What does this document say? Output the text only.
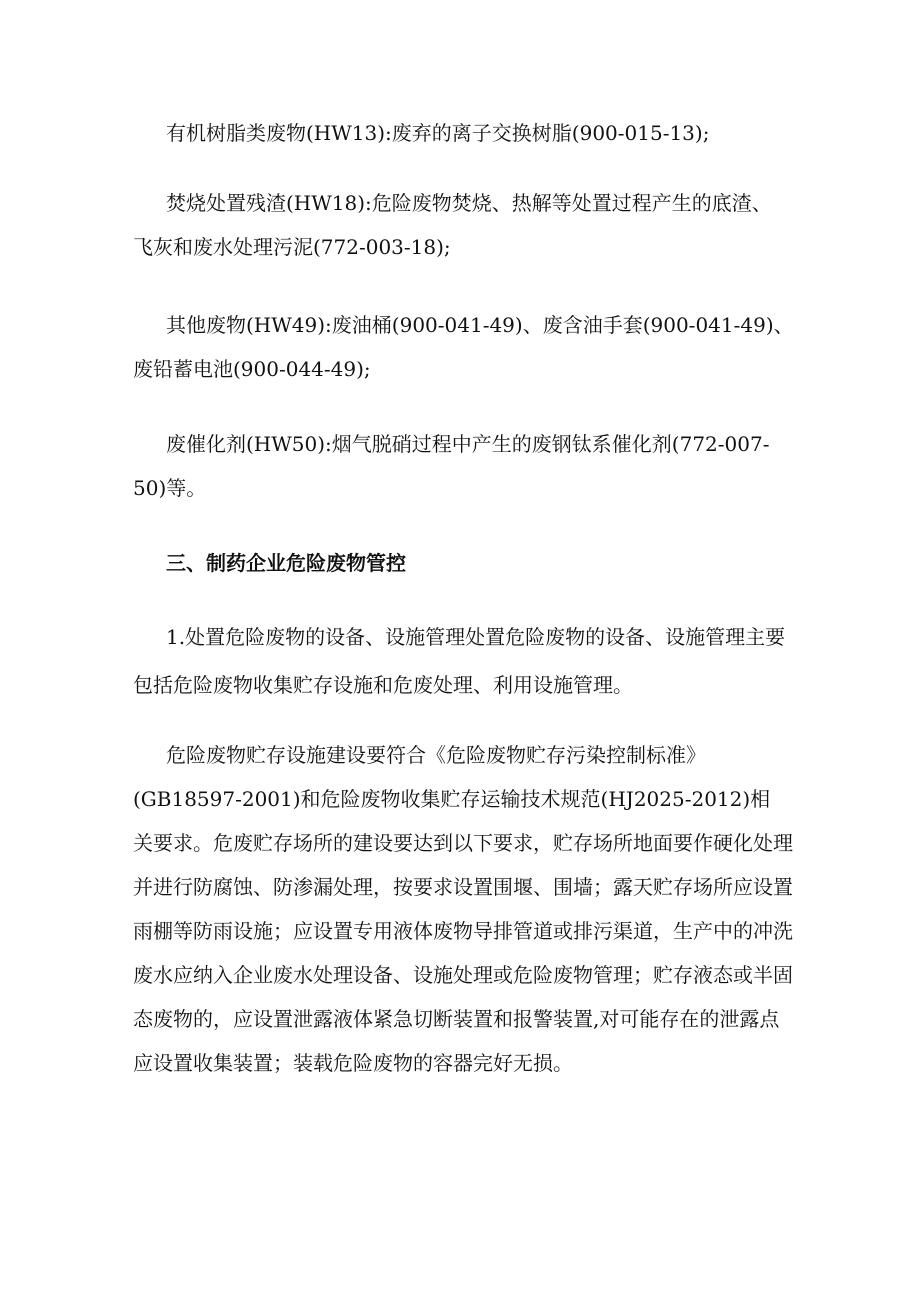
有机树脂类废物(HW13):废弃的离子交换树脂(900-015-13);

焚烧处置残渣(HW18):危险废物焚烧、热解等处置过程产生的底渣、
飞灰和废水处理污泥(772-003-18);

其他废物(HW49):废油桶(900-041-49)、废含油手套(900-041-49)、
废铅蓄电池(900-044-49);

废催化剂(HW50):烟气脱硝过程中产生的废钢钛系催化剂(772-007-
50)等。

三、制药企业危险废物管控

1.处置危险废物的设备、设施管理处置危险废物的设备、设施管理主要
包括危险废物收集贮存设施和危废处理、利用设施管理。

危险废物贮存设施建设要符合《危险废物贮存污染控制标准》
(GB18597-2001)和危险废物收集贮存运输技术规范(HJ2025-2012)相
关要求。危废贮存场所的建设要达到以下要求，贮存场所地面要作硬化处理
并进行防腐蚀、防渗漏处理，按要求设置围堰、围墙；露天贮存场所应设置
雨棚等防雨设施；应设置专用液体废物导排管道或排污渠道，生产中的冲洗
废水应纳入企业废水处理设备、设施处理或危险废物管理；贮存液态或半固
态废物的，应设置泄露液体紧急切断装置和报警装置,对可能存在的泄露点
应设置收集装置；装载危险废物的容器完好无损。
